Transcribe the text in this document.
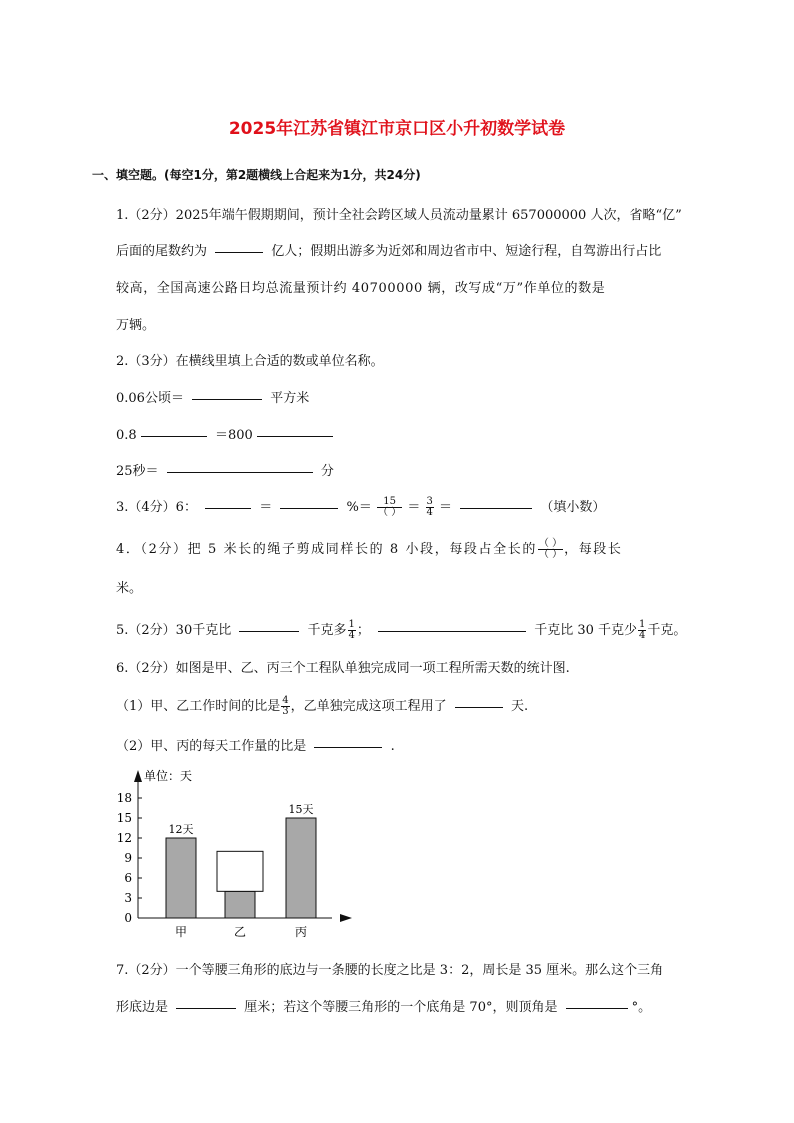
2025年江苏省镇江市京口区小升初数学试卷
一、填空题。(每空1分，第2题横线上合起来为1分，共24分)
1.（2分）2025年端午假期期间，预计全社会跨区域人员流动量累计 657000000 人次，省略“亿”
后面的尾数约为	亿人；假期出游多为近郊和周边省市中、短途行程，自驾游出行占比
较高，全国高速公路日均总流量预计约 40700000 辆，改写成“万”作单位的数是
万辆。
2.（3分）在横线里填上合适的数或单位名称。
0.06公顷＝	平方米
0.8	＝800
25秒＝	分
3.（4分）6：	＝	%＝ $\frac{15}{( )} = \frac{3}{4}$ ＝	（填小数）
4．（2分）把 5 米长的绳子剪成同样长的 8 小段，每段占全长的 $\frac{( )}{( )}$ ，每段长
米。
5.（2分）30千克比	千克多 $\frac{1}{4}$ ；	千克比 30 千克少 $\frac{1}{4}$ 千克。
6.（2分）如图是甲、乙、丙三个工程队单独完成同一项工程所需天数的统计图.
（1）甲、乙工作时间的比是 $\frac{4}{3}$ ，乙单独完成这项工程用了	天.
（2）甲、丙的每天工作量的比是	.
单位：天
0
3
6
9
12
15
18
甲
12天
乙	丙
15天
7.（2分）一个等腰三角形的底边与一条腰的长度之比是 3：2，周长是 35 厘米。那么这个三角
形底边是	厘米；若这个等腰三角形的一个底角是 70°，则顶角是	°。
